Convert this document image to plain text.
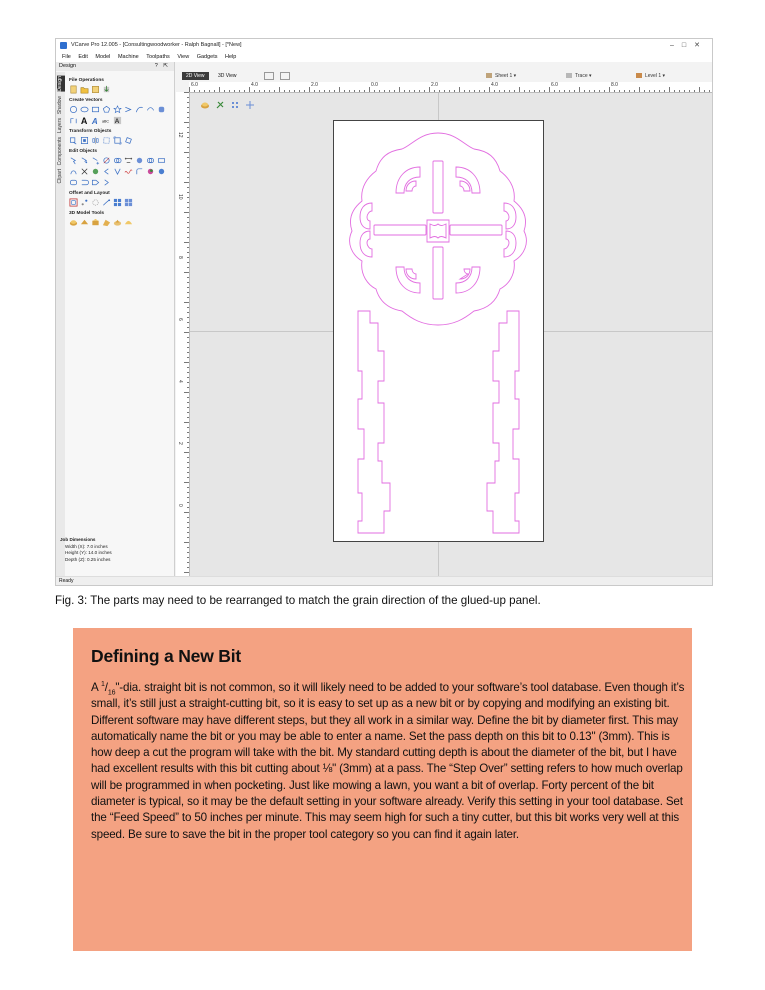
VCarve Pro 12.005 - [Consultingwoodworker - Ralph Bagnall] - [*New]	–□✕
File Edit Model Machine Toolpaths View Gadgets Help
Design	? ⇱
Design
Shadow
Layers
Components
Clipart
File Operations
Create Vectors
A A aBC A
Transform Objects
Edit Objects
Offset and Layout
3D Model Tools
Job Dimensions
Width (X): 7.0 inches
Height (Y): 14.0 inches
Depth (Z): 0.25 inches
2D View	3D View	Sheet 1 ▾	Trace ▾	Level 1 ▾
6.0	4.0	2.0	0.0	2.0	4.0	6.0	8.0
12
10
8
6
4
2
0
Ready
Fig. 3: The parts may need to be rearranged to match the grain direction of the glued-up panel.
Defining a New Bit

A $^1/_{16}$"-dia. straight bit is not common, so it will likely need to be added to your software’s tool database. Even though it’s small, it’s still just a straight-cutting bit, so it is easy to set up as a new bit or by copying and modifying an existing bit. Different software may have different steps, but they all work in a similar way. Define the bit by diameter first. This may automatically name the bit or you may be able to enter a name. Set the pass depth on this bit to 0.13" (3mm). This is how deep a cut the program will take with the bit. My standard cutting depth is about the diameter of the bit, but I have had excellent results with this bit cutting about ⅛" (3mm) at a pass. The “Step Over” setting refers to how much overlap will be programmed in when pocketing. Just like mowing a lawn, you want a bit of overlap. Forty percent of the bit diameter is typical, so it may be the default setting in your software already. Verify this setting in your tool database. Set the “Feed Speed” to 50 inches per minute. This may seem high for such a tiny cutter, but this bit works very well at this speed. Be sure to save the bit in the proper tool category so you can find it again later.
